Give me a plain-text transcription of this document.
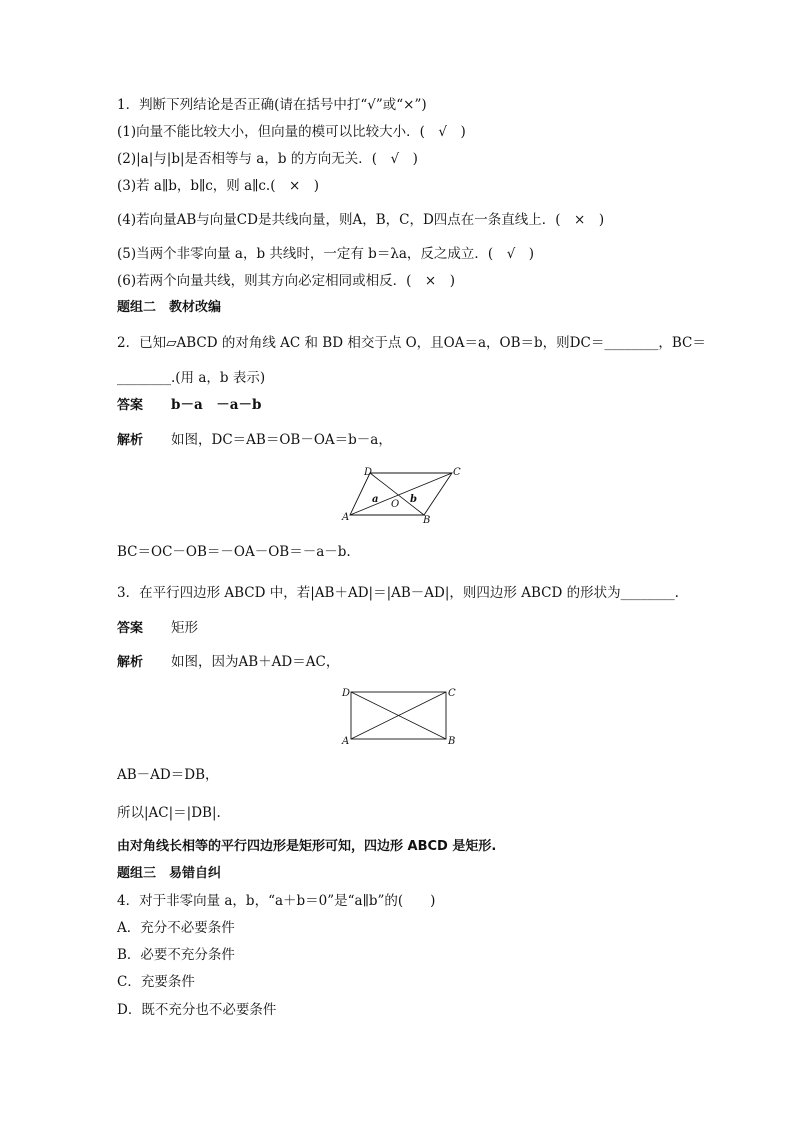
1．判断下列结论是否正确(请在括号中打“√”或“×”)
(1)向量不能比较大小，但向量的模可以比较大小．(　√　)
(2)|a|与|b|是否相等与 a，b 的方向无关．(　√　)
(3)若 a∥b，b∥c，则 a∥c.(　×　)
(4)若向量AB与向量CD是共线向量，则A，B，C，D四点在一条直线上．(　×　)
(5)当两个非零向量 a，b 共线时，一定有 b＝λa，反之成立．(　√　)
(6)若两个向量共线，则其方向必定相同或相反．(　×　)
题组二　教材改编
2．已知▱ABCD 的对角线 AC 和 BD 相交于点 O，且OA＝a，OB＝b，则DC＝________，BC＝
________.(用 a，b 表示)
答案 b－a　－a－b
解析 如图，DC＝AB＝OB－OA＝b－a，
D	C
A	B
O
a	b
BC＝OC－OB＝－OA－OB＝－a－b.
3．在平行四边形 ABCD 中，若|AB＋AD|＝|AB－AD|，则四边形 ABCD 的形状为________.
答案 矩形
解析 如图，因为AB＋AD＝AC，
D	C
A	B
AB－AD＝DB，
所以|AC|＝|DB|.
由对角线长相等的平行四边形是矩形可知，四边形 ABCD 是矩形.
题组三　易错自纠
4．对于非零向量 a，b，“a＋b＝0”是“a∥b”的(　　)
A．充分不必要条件
B．必要不充分条件
C．充要条件
D．既不充分也不必要条件
